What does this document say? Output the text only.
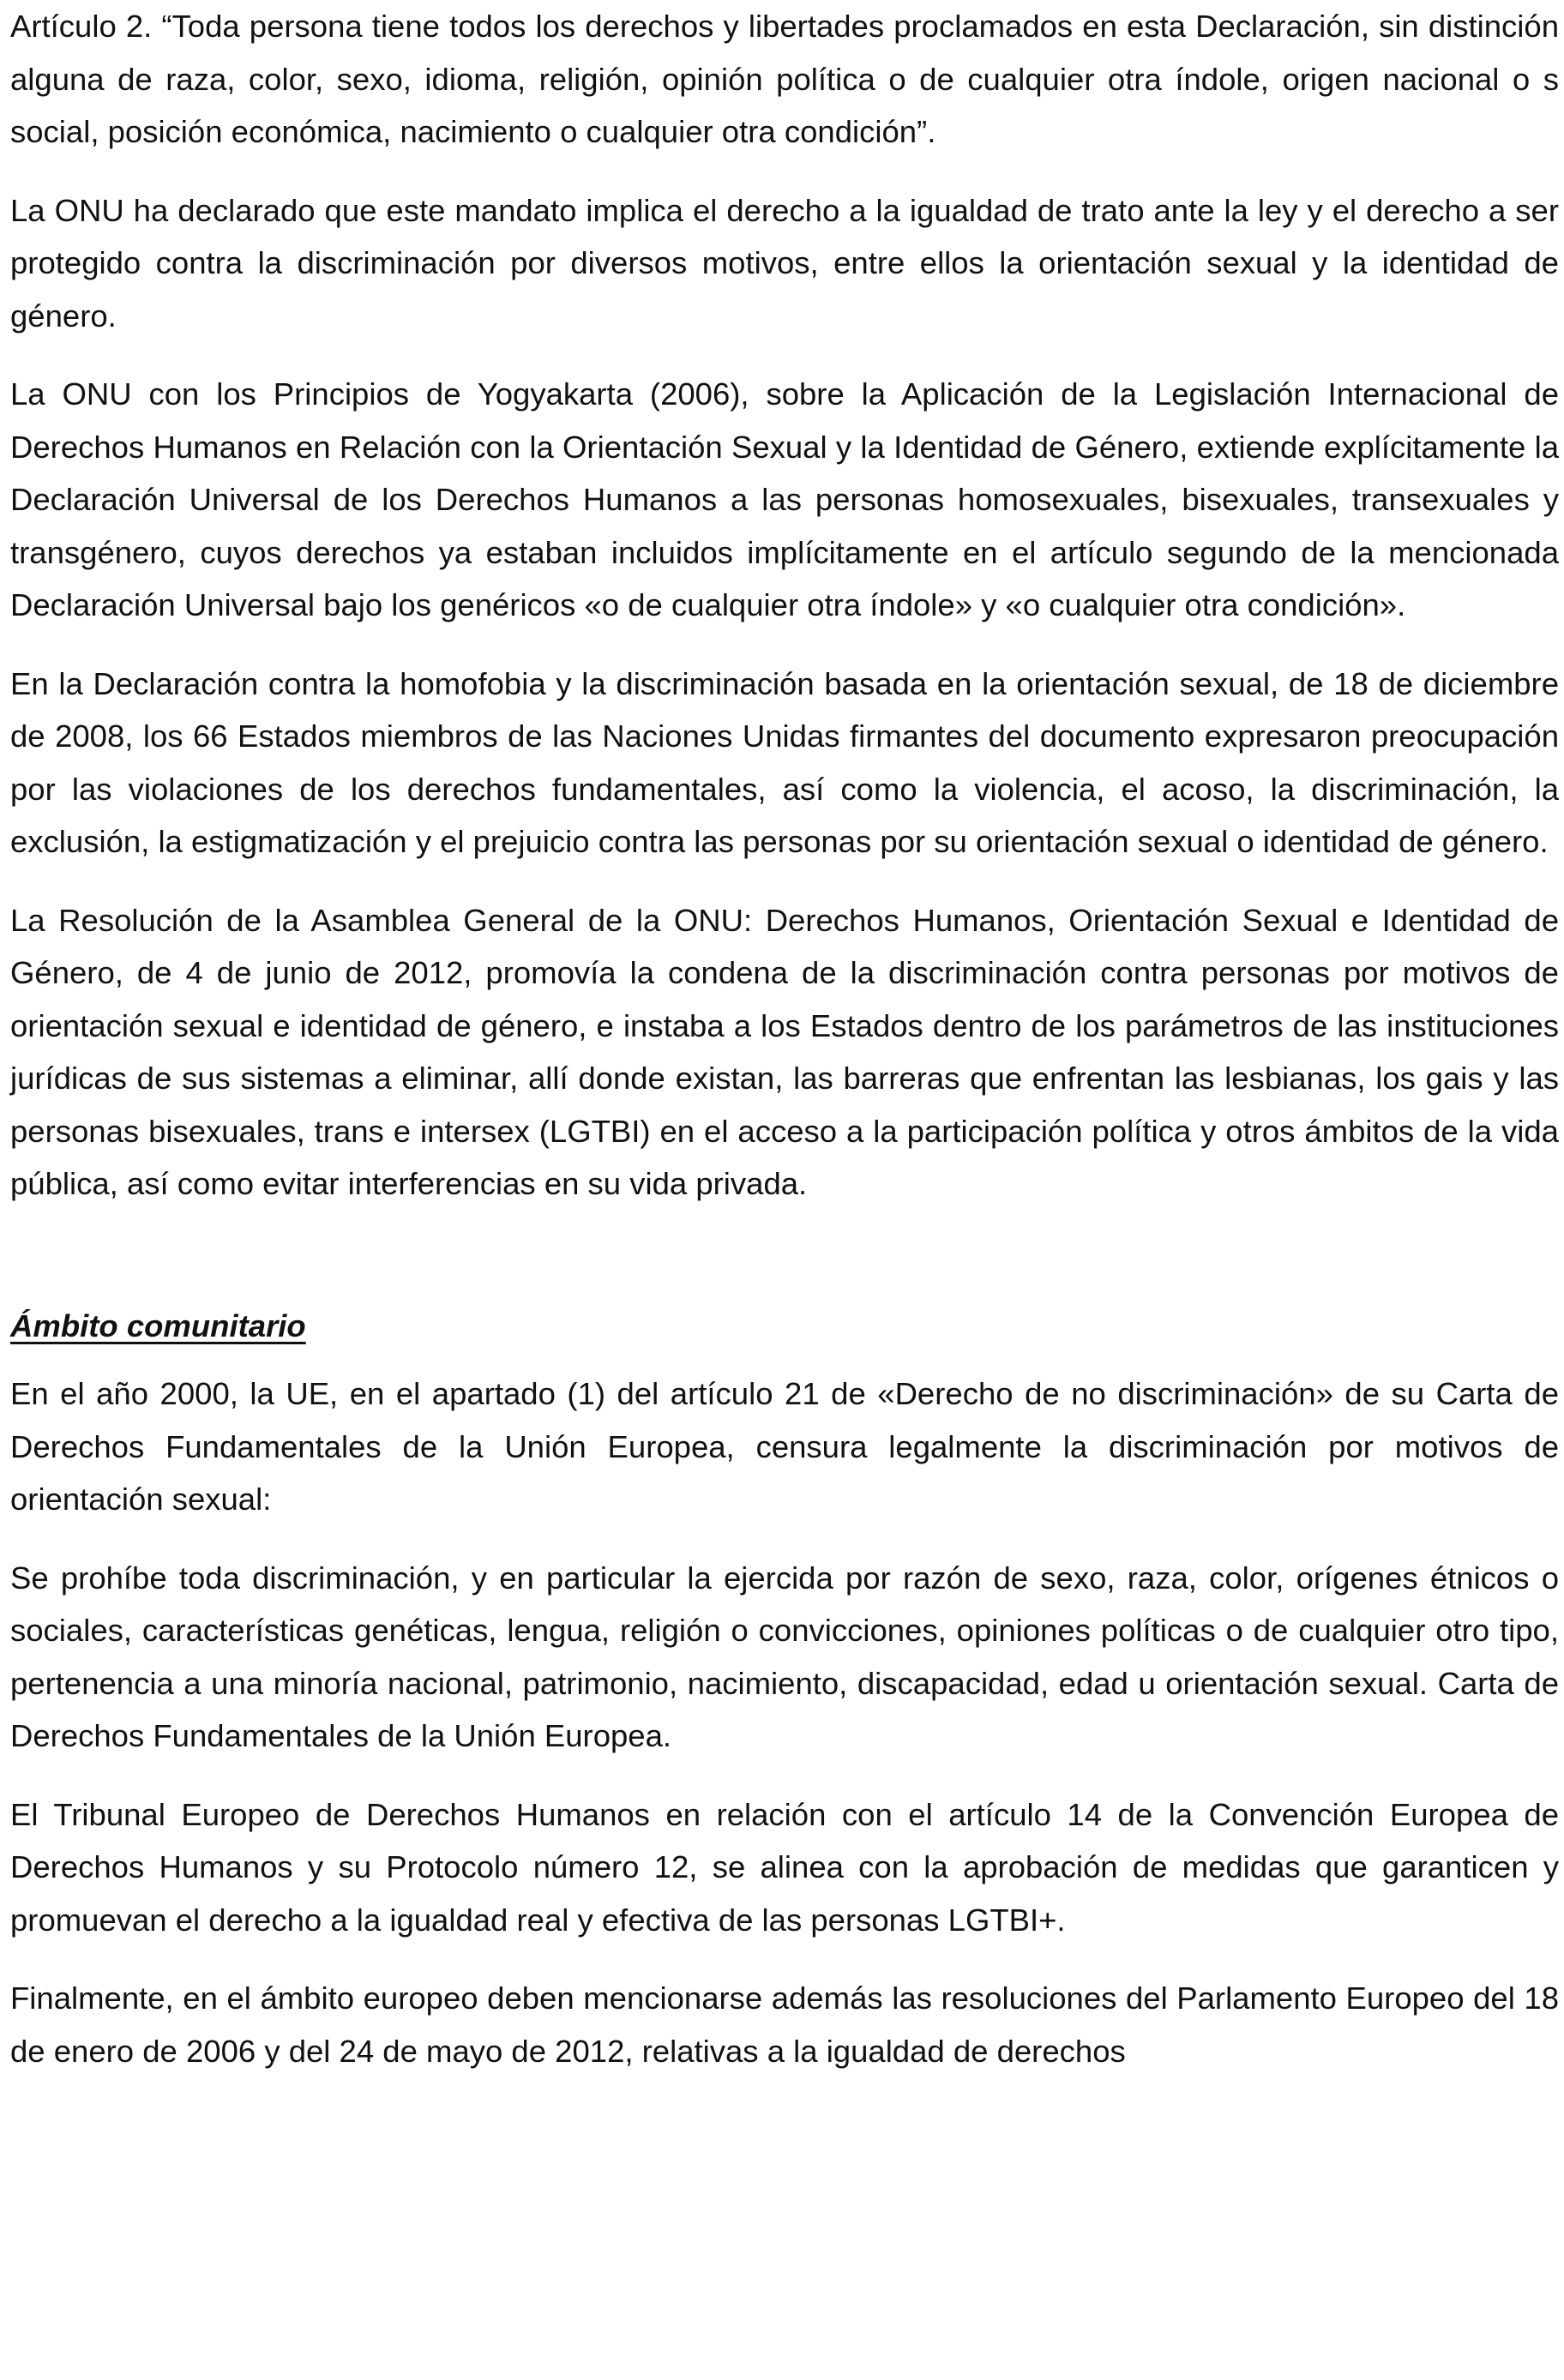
Artículo 2. “Toda persona tiene todos los derechos y libertades proclamados en esta Declaración, sin distinción alguna de raza, color, sexo, idioma, religión, opinión política o de cualquier otra índole, origen nacional o s social, posición económica, nacimiento o cualquier otra condición”.

La ONU ha declarado que este mandato implica el derecho a la igualdad de trato ante la ley y el derecho a ser protegido contra la discriminación por diversos motivos, entre ellos la orientación sexual y la identidad de género.

La ONU con los Principios de Yogyakarta (2006), sobre la Aplicación de la Legislación Internacional de Derechos Humanos en Relación con la Orientación Sexual y la Identidad de Género, extiende explícitamente la Declaración Universal de los Derechos Humanos a las personas homosexuales, bisexuales, transexuales y transgénero, cuyos derechos ya estaban incluidos implícitamente en el artículo segundo de la mencionada Declaración Universal bajo los genéricos «o de cualquier otra índole» y «o cualquier otra condición».

En la Declaración contra la homofobia y la discriminación basada en la orientación sexual, de 18 de diciembre de 2008, los 66 Estados miembros de las Naciones Unidas firmantes del documento expresaron preocupación por las violaciones de los derechos fundamentales, así como la violencia, el acoso, la discriminación, la exclusión, la estigmatización y el prejuicio contra las personas por su orientación sexual o identidad de género.

La Resolución de la Asamblea General de la ONU: Derechos Humanos, Orientación Sexual e Identidad de Género, de 4 de junio de 2012, promovía la condena de la discriminación contra personas por motivos de orientación sexual e identidad de género, e instaba a los Estados dentro de los parámetros de las instituciones jurídicas de sus sistemas a eliminar, allí donde existan, las barreras que enfrentan las lesbianas, los gais y las personas bisexuales, trans e intersex (LGTBI) en el acceso a la participación política y otros ámbitos de la vida pública, así como evitar interferencias en su vida privada.

Ámbito comunitario

En el año 2000, la UE, en el apartado (1) del artículo 21 de «Derecho de no discriminación» de su Carta de Derechos Fundamentales de la Unión Europea, censura legalmente la discriminación por motivos de orientación sexual:

Se prohíbe toda discriminación, y en particular la ejercida por razón de sexo, raza, color, orígenes étnicos o sociales, características genéticas, lengua, religión o convicciones, opiniones políticas o de cualquier otro tipo, pertenencia a una minoría nacional, patrimonio, nacimiento, discapacidad, edad u orientación sexual. Carta de Derechos Fundamentales de la Unión Europea.

El Tribunal Europeo de Derechos Humanos en relación con el artículo 14 de la Convención Europea de Derechos Humanos y su Protocolo número 12, se alinea con la aprobación de medidas que garanticen y promuevan el derecho a la igualdad real y efectiva de las personas LGTBI+.

Finalmente, en el ámbito europeo deben mencionarse además las resoluciones del Parlamento Europeo del 18 de enero de 2006 y del 24 de mayo de 2012, relativas a la igualdad de derechos
